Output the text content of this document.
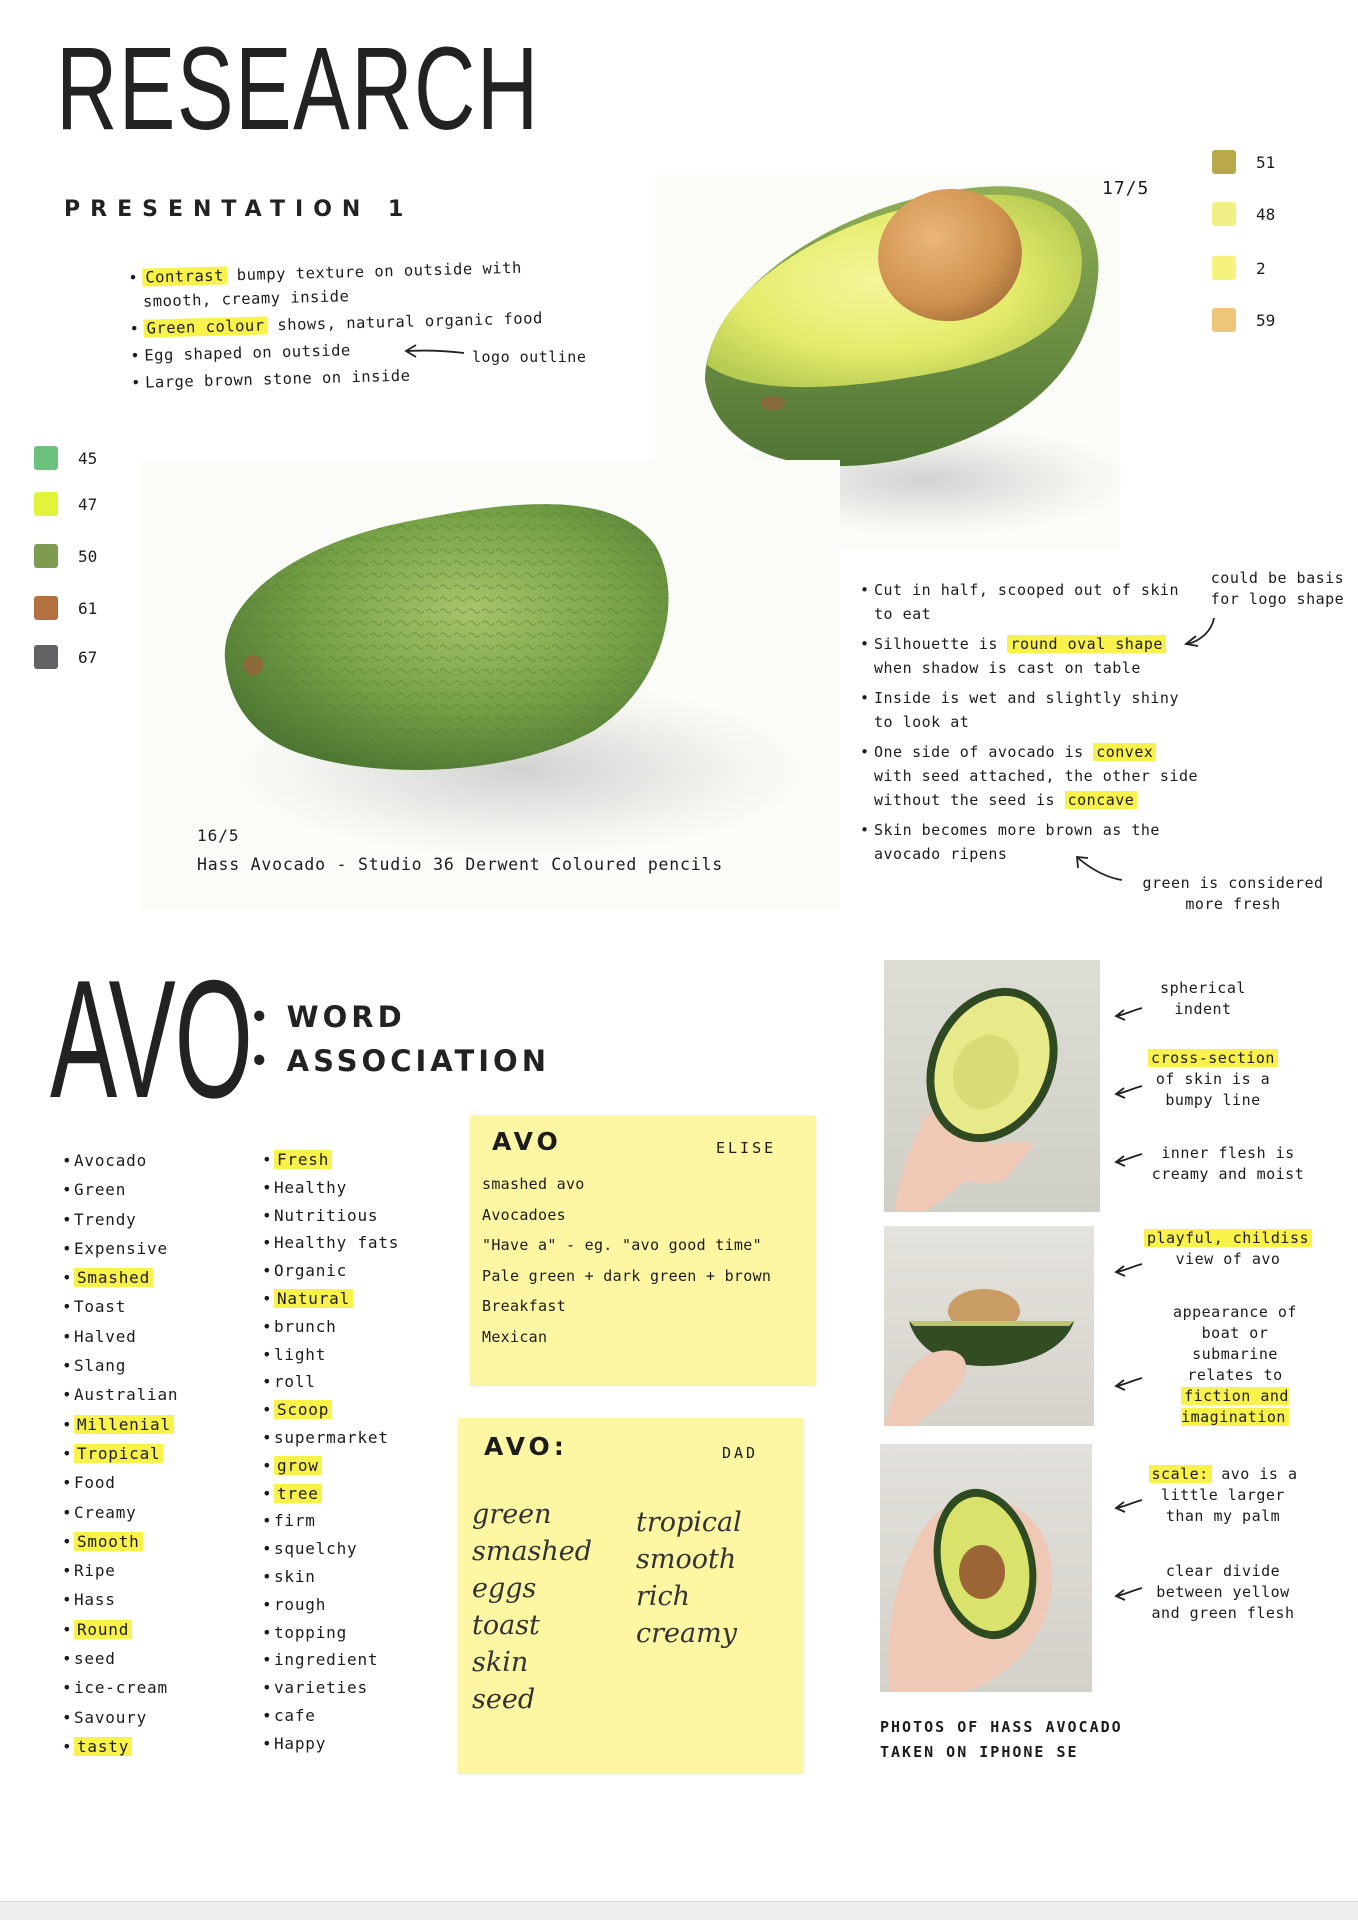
RESEARCH
PRESENTATION 1
• Contrast bumpy texture on outside with smooth, creamy inside
• Green colour shows, natural organic food
• Egg shaped on outside
• Large brown stone on inside
logo outline
45
47
50
61
67
51
48
2
59
17/5
16/5
Hass Avocado - Studio 36 Derwent Coloured pencils
• Cut in half, scooped out of skin to eat
• Silhouette is round oval shape when shadow is cast on table
• Inside is wet and slightly shiny to look at
• One side of avocado is convex with seed attached, the other side without the seed is concave
• Skin becomes more brown as the avocado ripens
could be basis for logo shape
green is considered more fresh
AVO
• WORD
• ASSOCIATION
• Avocado
• Green
• Trendy
• Expensive
• Smashed
• Toast
• Halved
• Slang
• Australian
• Millenial
• Tropical
• Food
• Creamy
• Smooth
• Ripe
• Hass
• Round
• seed
• ice-cream
• Savoury
• tasty
• Fresh
• Healthy
• Nutritious
• Healthy fats
• Organic
• Natural
• brunch
• light
• roll
• Scoop
• supermarket
• grow
• tree
• firm
• squelchy
• skin
• rough
• topping
• ingredient
• varieties
• cafe
• Happy
AVO	ELISE
smashed avo
Avocadoes
"Have a" - eg. "avo good time"
Pale green + dark green + brown
Breakfast
Mexican
AVO:	DAD
green
smashed
eggs
toast
skin
seed
tropical
smooth
rich
creamy
spherical indent
cross-section of skin is a bumpy line
inner flesh is creamy and moist
playful, childiss view of avo
appearance of boat or submarine relates to fiction and imagination
scale: avo is a little larger than my palm
clear divide between yellow and green flesh
PHOTOS OF HASS AVOCADO TAKEN ON IPHONE SE
